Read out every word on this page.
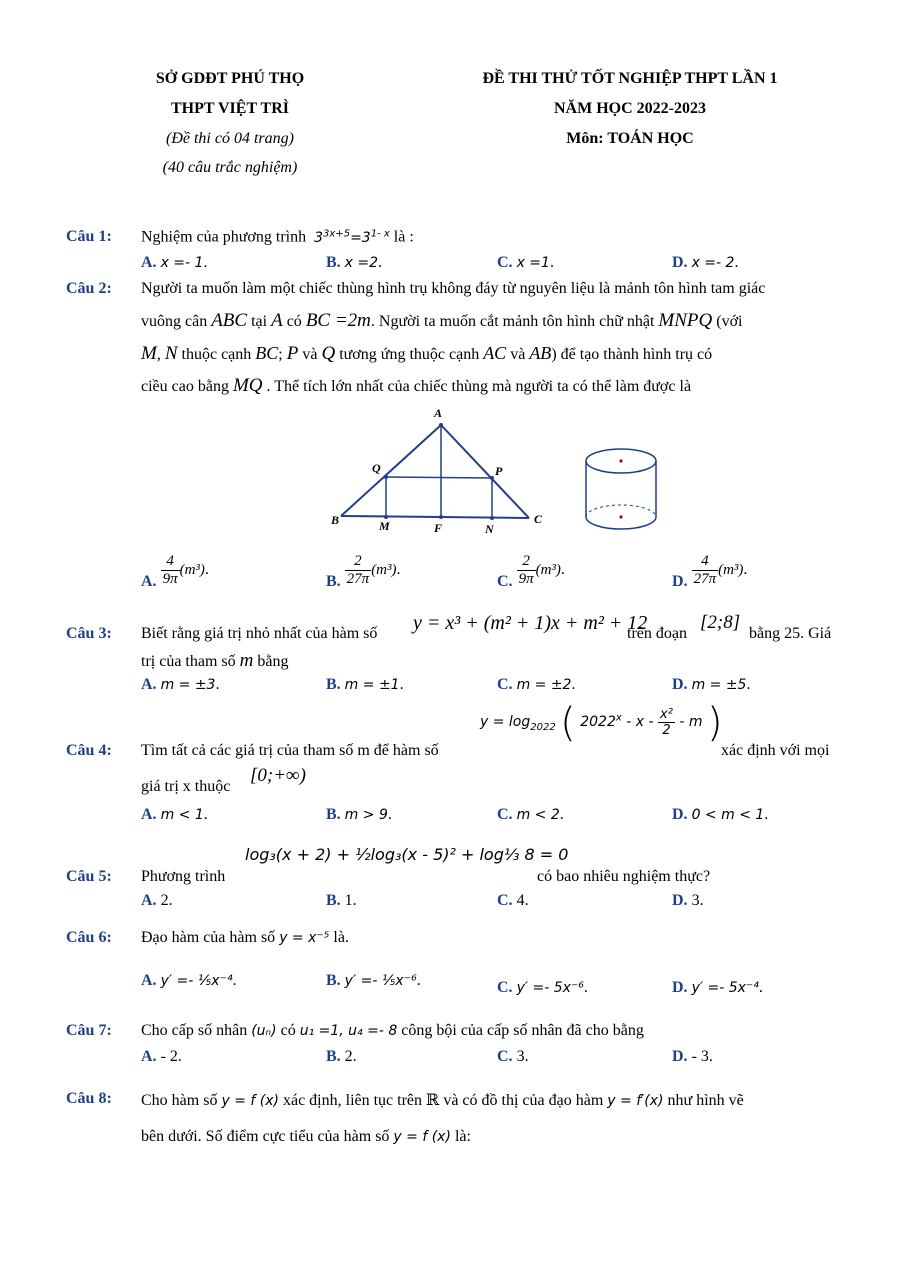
SỞ GDĐT PHÚ THỌ
THPT VIỆT TRÌ
(Đề thi có 04 trang)
(40 câu trắc nghiệm)
ĐỀ THI THỬ TỐT NGHIỆP THPT LẦN 1
NĂM HỌC 2022-2023
Môn: TOÁN HỌC
Câu 1: Nghiệm của phương trình $3^{3x+5}=3^{1- x}$ là :
A. x =- 1.	B. x =2.	C. x =1.	D. x =- 2.
Câu 2: Người ta muốn làm một chiếc thùng hình trụ không đáy từ nguyên liệu là mảnh tôn hình tam giác
vuông cân ABC tại A có BC =2m. Người ta muốn cắt mảnh tôn hình chữ nhật MNPQ (với
M, N thuộc cạnh BC; P và Q tương ứng thuộc cạnh AC và AB) để tạo thành hình trụ có
ciều cao bằng MQ . Thể tích lớn nhất của chiếc thùng mà người ta có thể làm được là
A
Q	P
B	M	F	N
C
A. $\frac{4}{9\pi} (m^3)$.
B. $\frac{2}{27\pi} (m^3)$.
C. $\frac{2}{9\pi} (m^3)$.
D. $\frac{4}{27\pi} (m^3)$.
Câu 3: Biết rằng giá trị nhỏ nhất của hàm số y = x³ + (m² + 1)x + m² + 12
trên đoạn
[2;8]
bằng 25. Giá
trị của tham số m bằng
A. m = ±3.	B. m = ±1.	C. m = ±2.	D. m = ±5.
Câu 4: Tìm tất cả các giá trị của tham số m để hàm số
$y = \log_{2022}$ ( 2022$^x$ - x - $\frac{\text{x²}}{2}$ - m )
xác định với mọi
giá trị x thuộc
[0;+∞)
A. m < 1.	B. m > 9.	C. m < 2.	D. 0 < m < 1.
log₃(x + 2) + ½log₃(x - 5)² + log⅓ 8 = 0
Câu 5: Phương trình	có bao nhiêu nghiệm thực?
A. 2.	B. 1.	C. 4.	D. 3.
Câu 6: Đạo hàm của hàm số y = x⁻⁵ là.
A. y′ =- ⅕x⁻⁴.	B. y′ =- ⅕x⁻⁶.	C. y′ =- 5x⁻⁶.	D. y′ =- 5x⁻⁴.
Câu 7: Cho cấp số nhân (uₙ) có u₁ =1, u₄ =- 8 công bội của cấp số nhân đã cho bằng
A. - 2.	B. 2.	C. 3.	D. - 3.
Câu 8: Cho hàm số y = f (x) xác định, liên tục trên ℝ và có đồ thị của đạo hàm y = f′(x) như hình vẽ
bên dưới. Số điểm cực tiểu của hàm số y = f (x) là:
